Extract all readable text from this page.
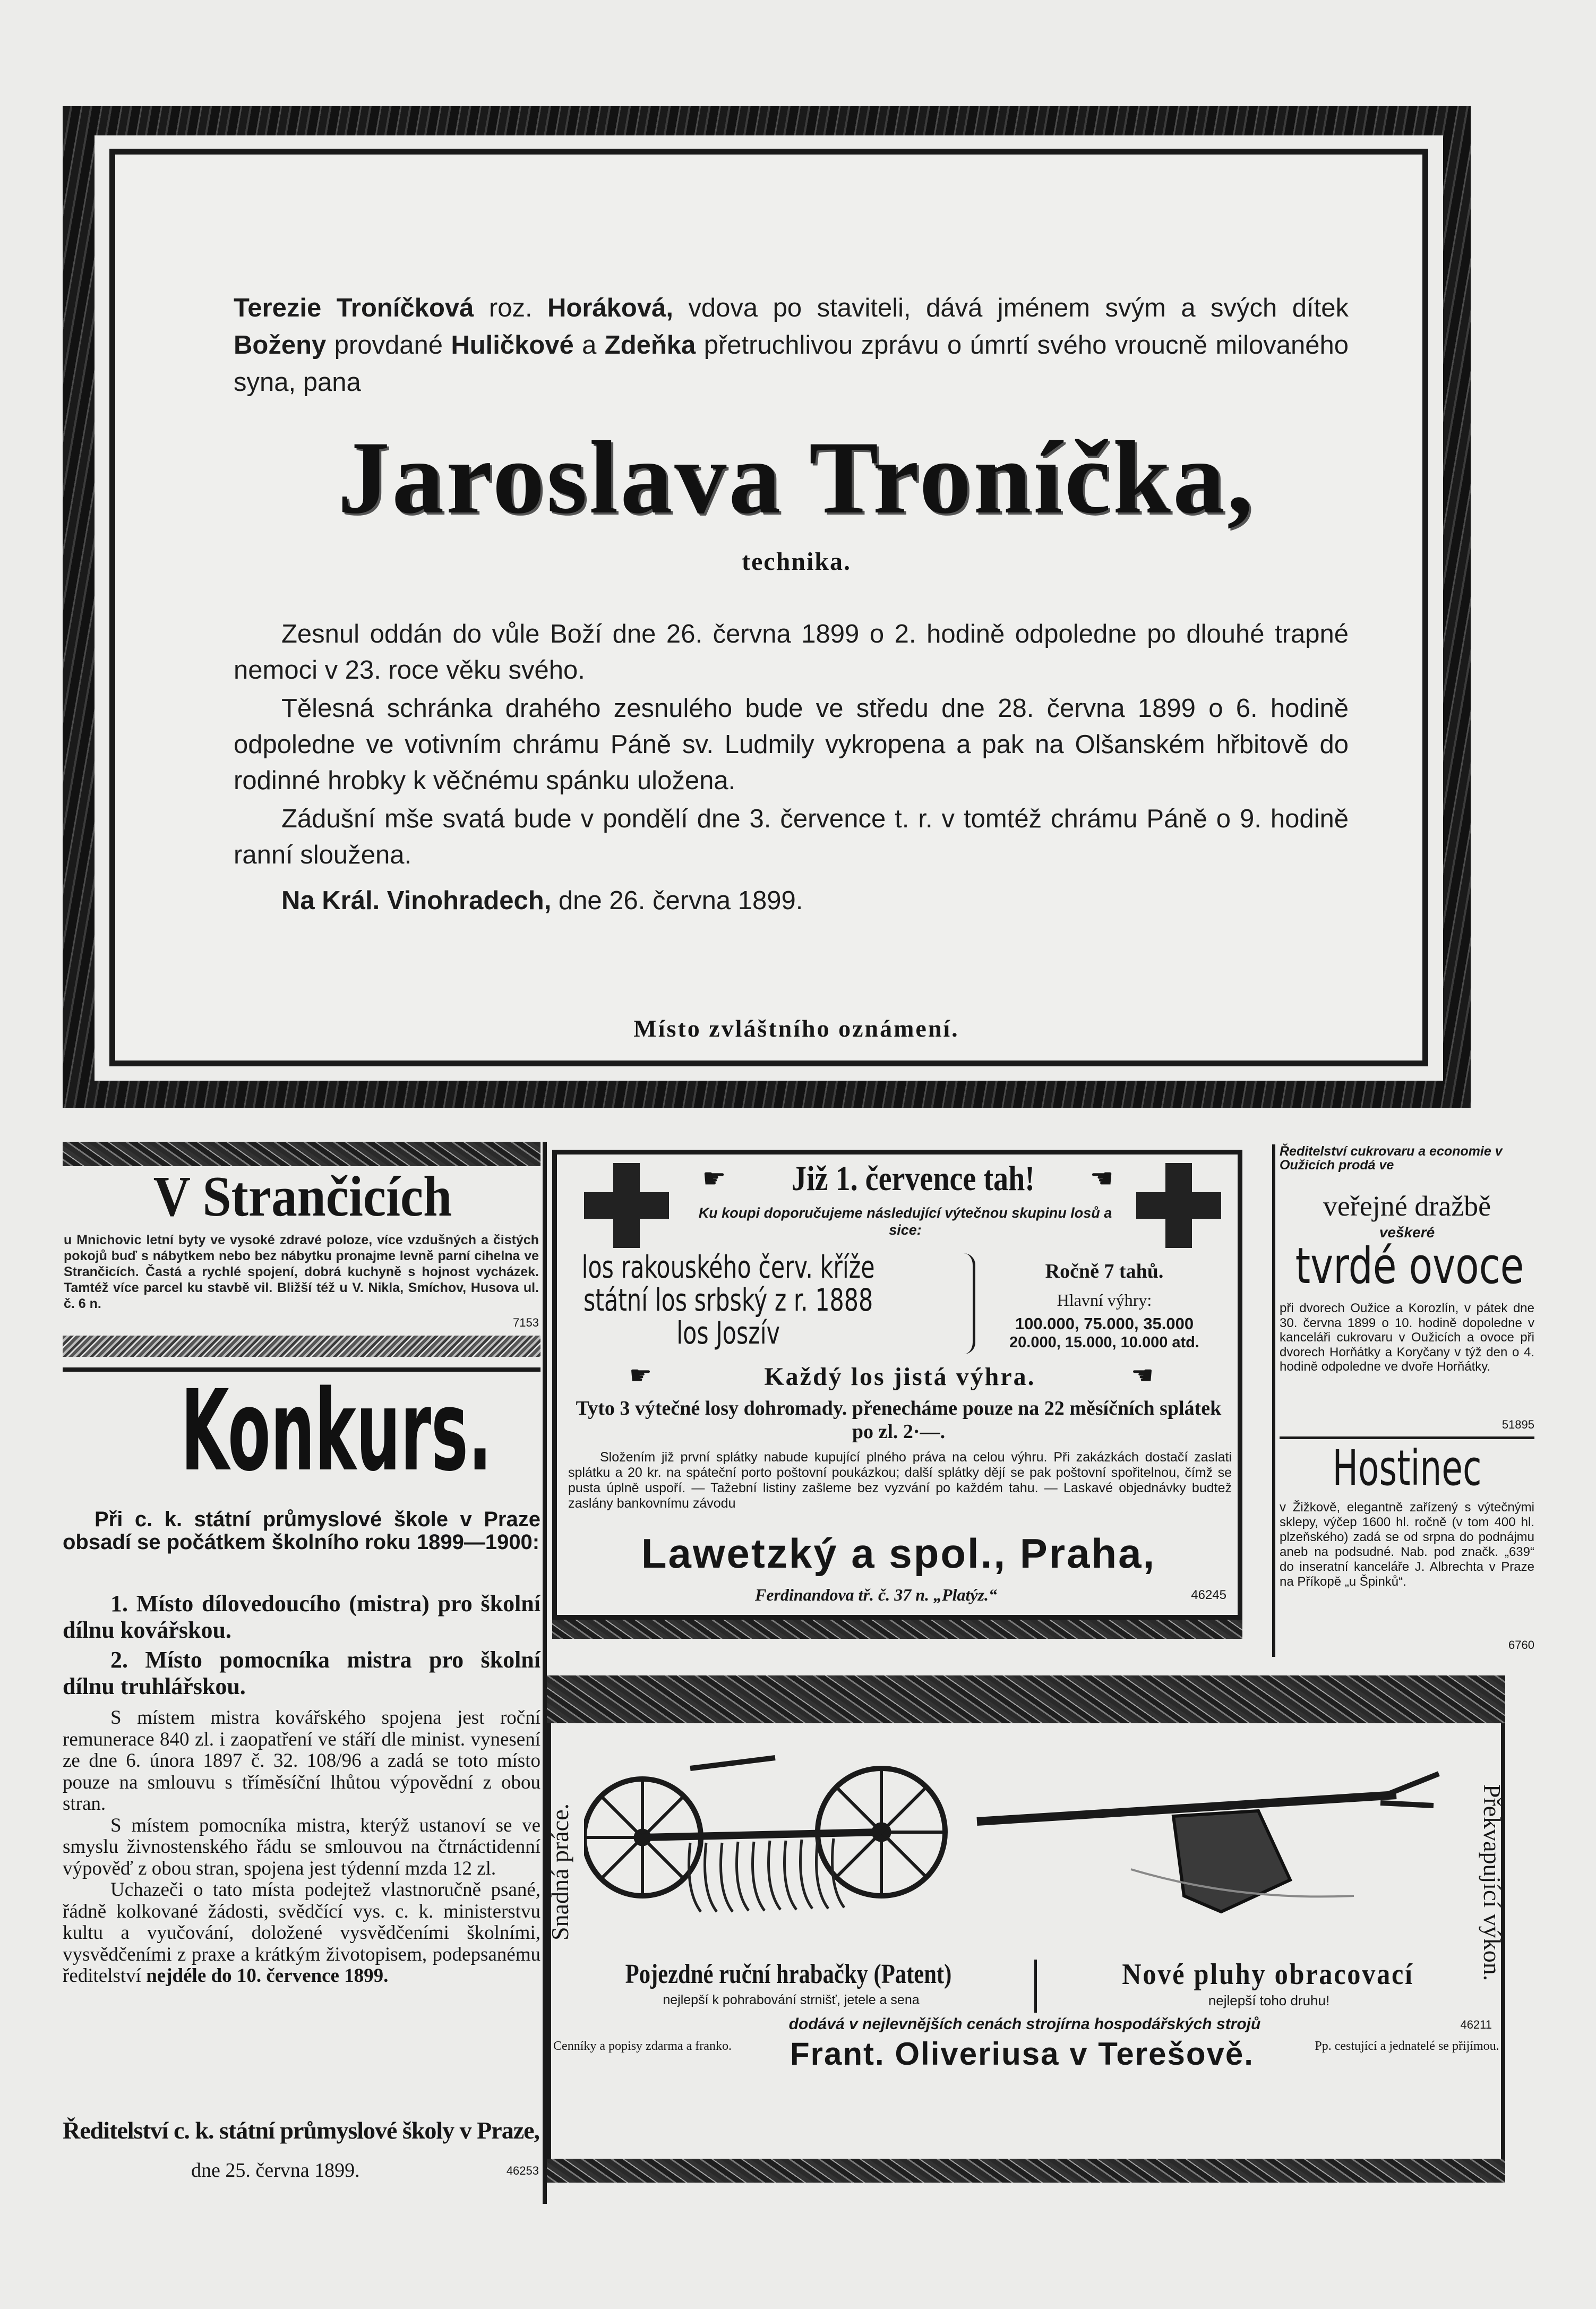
Terezie Troníčková roz. Horáková, vdova po staviteli, dává jménem svým a svých dítek Boženy provdané Huličkové a Zdeňka přetruchlivou zprávu o úmrtí svého vroucně milovaného syna, pana
Jaroslava Troníčka,
technika.

Zesnul oddán do vůle Boží dne 26. června 1899 o 2. hodině odpoledne po dlouhé trapné nemoci v 23. roce věku svého.

Tělesná schránka drahého zesnulého bude ve středu dne 28. června 1899 o 6. hodině odpoledne ve votivním chrámu Páně sv. Ludmily vykropena a pak na Olšanském hřbitově do rodinné hrobky k věčnému spánku uložena.

Zádušní mše svatá bude v pondělí dne 3. července t. r. v tomtéž chrámu Páně o 9. hodině ranní sloužena.

Na Král. Vinohradech, dne 26. června 1899.

Místo zvláštního oznámení.
V Strančicích
u Mnichovic letní byty ve vysoké zdravé poloze, více vzdušných a čistých pokojů buď s nábytkem nebo bez nábytku pronajme levně parní cihelna ve Strančicích. Častá a rychlé spojení, dobrá kuchyně s hojnost vycházek. Tamtéž více parcel ku stavbě vil. Bližší též u V. Nikla, Smíchov, Husova ul. č. 6 n.
7153
Konkurs.
Při c. k. státní průmyslové škole v Praze obsadí se počátkem školního roku 1899—1900:

1. Místo dílovedoucího (mistra) pro školní dílnu kovářskou.

2. Místo pomocníka mistra pro školní dílnu truhlářskou.

S místem mistra kovářského spojena jest roční remunerace 840 zl. i zaopatření ve stáří dle minist. vynesení ze dne 6. února 1897 č. 32. 108/96 a zadá se toto místo pouze na smlouvu s tříměsíční lhůtou výpovědní z obou stran.

S místem pomocníka mistra, kterýž ustanoví se ve smyslu živnostenského řádu se smlouvou na čtrnáctidenní výpověď z obou stran, spojena jest týdenní mzda 12 zl.

Uchazeči o tato místa podejtež vlastnoručně psané, řádně kolkované žádosti, svědčící vys. c. k. ministerstvu kultu a vyučování, doložené vysvědčeními školními, vysvědčeními z praxe a krátkým životopisem, podepsanému ředitelství nejdéle do 10. července 1899.

Ředitelství c. k. státní průmyslové školy v Praze,
dne 25. června 1899.	46253
☛	Již 1. července tah!	☚
Ku koupi doporučujeme následující výtečnou skupinu losů a sice:

los rakouského červ. kříže

státní los srbský z r. 1888

los Joszív

Ročně 7 tahů.
Hlavní výhry:
100.000, 75.000, 35.000
20.000, 15.000, 10.000 atd.
☛	Každý los jistá výhra.	☚
Tyto 3 výtečné losy dohromady. přenecháme pouze na 22 měsíčních splátek po zl. 2·—.
Složením již první splátky nabude kupující plného práva na celou výhru. Při zakázkách dostačí zaslati splátku a 20 kr. na spáteční porto poštovní poukázkou; další splátky dějí se pak poštovní spořitelnou, čímž se pusta úplně uspoří. — Tažební listiny zašleme bez vyzvání po každém tahu. — Laskavé objednávky budtež zaslány bankovnímu závodu
Lawetzký a spol., Praha,
Ferdinandova tř. č. 37 n. „Platýz.“	46245
Ředitelství cukrovaru a economie v Oužicích prodá ve
veřejné dražbě
veškeré
tvrdé ovoce
při dvorech Oužice a Korozlín, v pátek dne 30. června 1899 o 10. hodině dopoledne v kanceláři cukrovaru v Oužicích a ovoce při dvorech Horňátky a Koryčany v týž den o 4. hodině odpoledne ve dvoře Horňátky.
51895
Hostinec
v Žižkově, elegantně zařízený s výtečnými sklepy, výčep 1600 hl. ročně (v tom 400 hl. plzeňského) zadá se od srpna do podnájmu aneb na podsudné. Nab. pod značk. „639“ do inseratní kanceláře J. Albrechta v Praze na Příkopě „u Špinků“.
6760
Snadná práce.	Překvapující výkon.
Pojezdné ruční hrabačky (Patent)
nejlepší k pohrabování strnišť, jetele a sena
Nové pluhy obracovací
nejlepší toho druhu!
dodává v nejlevnějších cenách strojírna hospodářských strojů	46211
Cenníky a popisy zdarma a franko.	Frant. Oliveriusa v Terešově.	Pp. cestující a jednatelé se přijímou.
